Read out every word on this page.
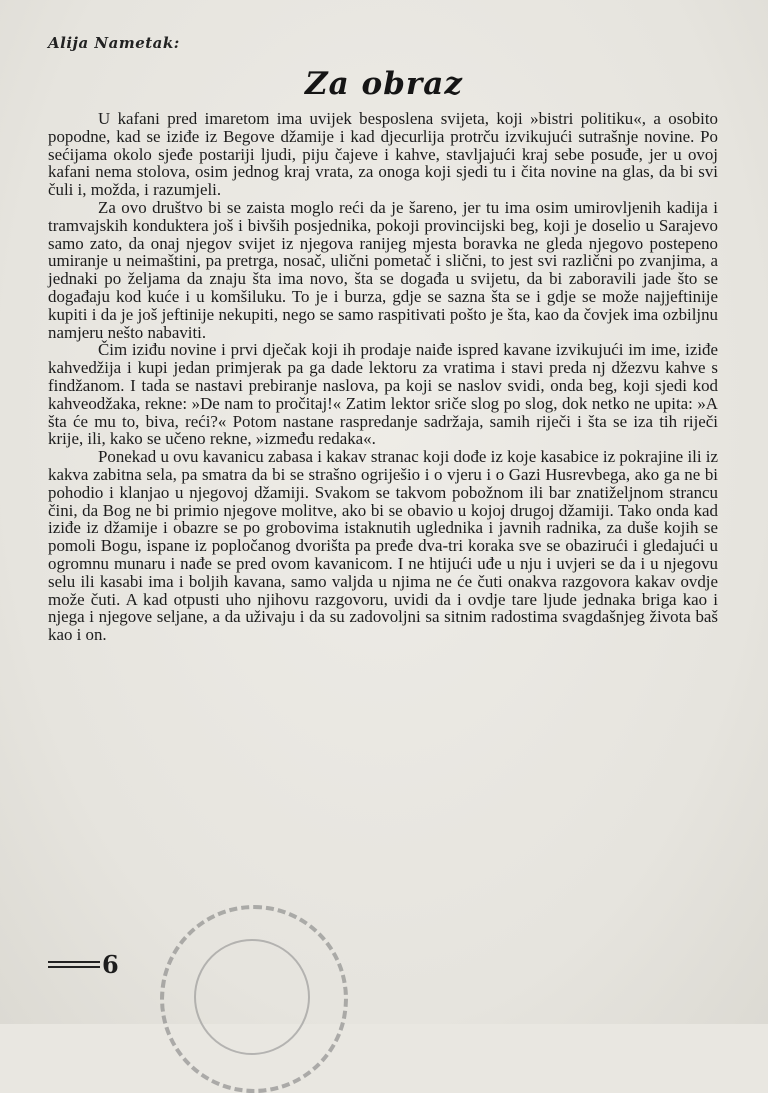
Alija Nametak:
Za obraz

U kafani pred imaretom ima uvijek besposlena svijeta, koji »bistri politiku«, a osobito popodne, kad se iziđe iz Begove džamije i kad djecurlija protrču izvikujući sutrašnje novine. Po sećijama okolo sjeđe postariji ljudi, piju čajeve i kahve, stavljajući kraj sebe posuđe, jer u ovoj kafani nema stolova, osim jednog kraj vrata, za onoga koji sjedi tu i čita novine na glas, da bi svi čuli i, možda, i razumjeli.

Za ovo društvo bi se zaista moglo reći da je šareno, jer tu ima osim umirovljenih kadija i tramvajskih konduktera još i bivših posjednika, pokoji provincijski beg, koji je doselio u Sarajevo samo zato, da onaj njegov svijet iz njegova ranijeg mjesta boravka ne gleda njegovo postepeno umiranje u neimaštini, pa pretrga, nosač, ulični pometač i slični, to jest svi različni po zvanjima, a jednaki po željama da znaju šta ima novo, šta se događa u svijetu, da bi zaboravili jade što se događaju kod kuće i u komšiluku. To je i burza, gdje se sazna šta se i gdje se može najjeftinije kupiti i da je još jeftinije nekupiti, nego se samo raspitivati pošto je šta, kao da čovjek ima ozbiljnu namjeru nešto nabaviti.

Čim iziđu novine i prvi dječak koji ih prodaje naiđe ispred kavane izvikujući im ime, iziđe kahvedžija i kupi jedan primjerak pa ga dade lektoru za vratima i stavi preda nj džezvu kahve s findžanom. I tada se nastavi prebiranje naslova, pa koji se naslov svidi, onda beg, koji sjedi kod kahveodžaka, rekne: »De nam to pročitaj!« Zatim lektor sriče slog po slog, dok netko ne upita: »A šta će mu to, biva, reći?« Potom nastane raspredanje sadržaja, samih riječi i šta se iza tih riječi krije, ili, kako se učeno rekne, »između redaka«.

Ponekad u ovu kavanicu zabasa i kakav stranac koji dođe iz koje kasabice iz pokrajine ili iz kakva zabitna sela, pa smatra da bi se strašno ogriješio i o vjeru i o Gazi Husrevbega, ako ga ne bi pohodio i klanjao u njegovoj džamiji. Svakom se takvom pobožnom ili bar znatiželjnom strancu čini, da Bog ne bi primio njegove molitve, ako bi se obavio u kojoj drugoj džamiji. Tako onda kad iziđe iz džamije i obazre se po grobovima istaknutih uglednika i javnih radnika, za duše kojih se pomoli Bogu, ispane iz popločanog dvorišta pa pređe dva-tri koraka sve se obazirući i gledajući u ogromnu munaru i nađe se pred ovom kavanicom. I ne htijući uđe u nju i uvjeri se da i u njegovu selu ili kasabi ima i boljih kavana, samo valjda u njima ne će čuti onakva razgovora kakav ovdje može čuti. A kad otpusti uho njihovu razgovoru, uvidi da i ovdje tare ljude jednaka briga kao i njega i njegove seljane, a da uživaju i da su zadovoljni sa sitnim radostima svagdašnjeg života baš kao i on.

6
